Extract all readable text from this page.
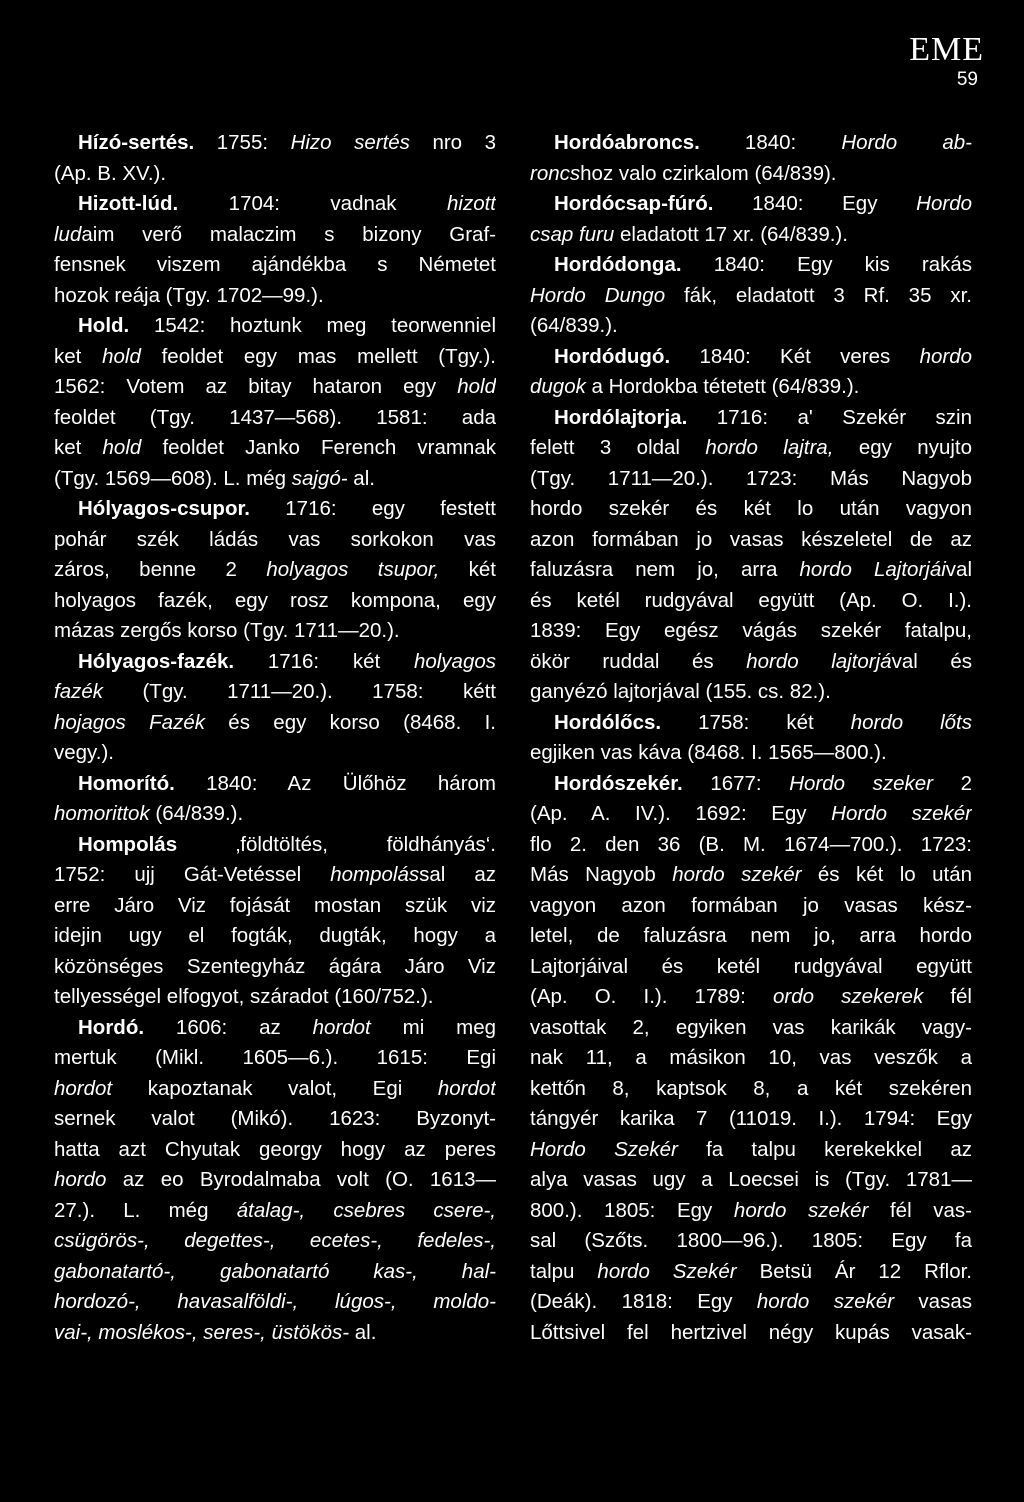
EME
59
Hízó-sertés. 1755: Hizo sertés nro 3
(Ap. B. XV.).
Hizott-lúd. 1704: vadnak hizott
ludaim verő malaczim s bizony Graf-
fensnek viszem ajándékba s Németet
hozok reája (Tgy. 1702—99.).
Hold. 1542: hoztunk meg teorwenniel
ket hold feoldet egy mas mellett (Tgy.).
1562: Votem az bitay hataron egy hold
feoldet (Tgy. 1437—568). 1581: ada
ket hold feoldet Janko Ferench vramnak
(Tgy. 1569—608). L. még sajgó- al.
Hólyagos-csupor. 1716: egy festett
pohár szék ládás vas sorkokon vas
záros, benne 2 holyagos tsupor, két
holyagos fazék, egy rosz kompona, egy
mázas zergős korso (Tgy. 1711—20.).
Hólyagos-fazék. 1716: két holyagos
fazék (Tgy. 1711—20.). 1758: kétt
hojagos Fazék és egy korso (8468. I.
vegy.).
Homorító. 1840: Az Ülőhöz három
homorittok (64/839.).
Hompolás ‚földtöltés, földhányás‘.
1752: ujj Gát-Vetéssel hompolással az
erre Járo Viz fojását mostan szük viz
idejin ugy el fogták, dugták, hogy a
közönséges Szentegyház ágára Járo Viz
tellyességel elfogyot, száradot (160/752.).
Hordó. 1606: az hordot mi meg
mertuk (Mikl. 1605—6.). 1615: Egi
hordot kapoztanak valot, Egi hordot
sernek valot (Mikó). 1623: Byzonyt-
hatta azt Chyutak georgy hogy az peres
hordo az eo Byrodalmaba volt (O. 1613—
27.). L. még átalag-, csebres csere-,
csügörös-, degettes-, ecetes-, fedeles-,
gabonatartó-, gabonatartó kas-, hal-
hordozó-, havasalföldi-, lúgos-, moldo-
vai-, moslékos-, seres-, üstökös- al.
Hordóabroncs. 1840: Hordo ab-
roncshoz valo czirkalom (64/839).
Hordócsap-fúró. 1840: Egy Hordo
csap furu eladatott 17 xr. (64/839.).
Hordódonga. 1840: Egy kis rakás
Hordo Dungo fák, eladatott 3 Rf. 35 xr.
(64/839.).
Hordódugó. 1840: Két veres hordo
dugok a Hordokba tétetett (64/839.).
Hordólajtorja. 1716: a' Szekér szin
felett 3 oldal hordo lajtra, egy nyujto
(Tgy. 1711—20.). 1723: Más Nagyob
hordo szekér és két lo után vagyon
azon formában jo vasas készeletel de az
faluzásra nem jo, arra hordo Lajtorjáival
és ketél rudgyával együtt (Ap. O. I.).
1839: Egy egész vágás szekér fatalpu,
ökör ruddal és hordo lajtorjával és
ganyézó lajtorjával (155. cs. 82.).
Hordólőcs. 1758: két hordo lőts
egjiken vas káva (8468. I. 1565—800.).
Hordószekér. 1677: Hordo szeker 2
(Ap. A. IV.). 1692: Egy Hordo szekér
flo 2. den 36 (B. M. 1674—700.). 1723:
Más Nagyob hordo szekér és két lo után
vagyon azon formában jo vasas kész-
letel, de faluzásra nem jo, arra hordo
Lajtorjáival és ketél rudgyával együtt
(Ap. O. I.). 1789: ordo szekerek fél
vasottak 2, egyiken vas karikák vagy-
nak 11, a másikon 10, vas veszők a
kettőn 8, kaptsok 8, a két szekéren
tángyér karika 7 (11019. I.). 1794: Egy
Hordo Szekér fa talpu kerekekkel az
alya vasas ugy a Loecsei is (Tgy. 1781—
800.). 1805: Egy hordo szekér fél vas-
sal (Szőts. 1800—96.). 1805: Egy fa
talpu hordo Szekér Betsü Ár 12 Rflor.
(Deák). 1818: Egy hordo szekér vasas
Lőttsivel fel hertzivel négy kupás vasak-
